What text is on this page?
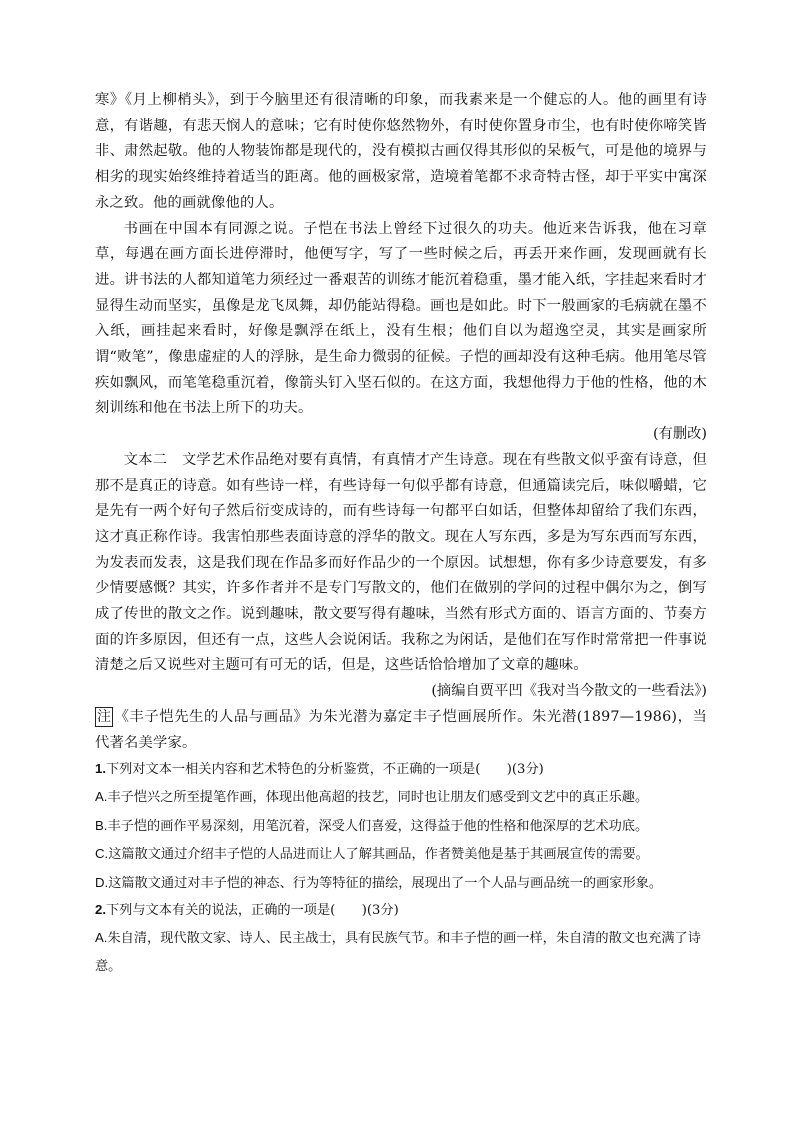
寒》《月上柳梢头》，到于今脑里还有很清晰的印象，而我素来是一个健忘的人。他的画里有诗意，有谐趣，有悲天悯人的意味；它有时使你悠然物外，有时使你置身市尘，也有时使你啼笑皆非、肃然起敬。他的人物装饰都是现代的，没有模拟古画仅得其形似的呆板气，可是他的境界与相劣的现实始终维持着适当的距离。他的画极家常，造境着笔都不求奇特古怪，却于平实中寓深永之致。他的画就像他的人。

书画在中国本有同源之说。子恺在书法上曾经下过很久的功夫。他近来告诉我，他在习章草，每遇在画方面长进停滞时，他便写字，写了一些时候之后，再丢开来作画，发现画就有长进。讲书法的人都知道笔力须经过一番艰苦的训练才能沉着稳重，墨才能入纸，字挂起来看时才显得生动而坚实，虽像是龙飞凤舞，却仍能站得稳。画也是如此。时下一般画家的毛病就在墨不入纸，画挂起来看时，好像是飘浮在纸上，没有生根；他们自以为超逸空灵，其实是画家所谓“败笔”，像患虚症的人的浮脉，是生命力微弱的征候。子恺的画却没有这种毛病。他用笔尽管疾如飘风，而笔笔稳重沉着，像箭头钉入坚石似的。在这方面，我想他得力于他的性格，他的木刻训练和他在书法上所下的功夫。

(有删改)

文本二　文学艺术作品绝对要有真情，有真情才产生诗意。现在有些散文似乎蛮有诗意，但那不是真正的诗意。如有些诗一样，有些诗每一句似乎都有诗意，但通篇读完后，味似嚼蜡，它是先有一两个好句子然后衍变成诗的，而有些诗每一句都平白如话，但整体却留给了我们东西，这才真正称作诗。我害怕那些表面诗意的浮华的散文。现在人写东西，多是为写东西而写东西，为发表而发表，这是我们现在作品多而好作品少的一个原因。试想想，你有多少诗意要发，有多少情要感慨？其实，许多作者并不是专门写散文的，他们在做别的学问的过程中偶尔为之，倒写成了传世的散文之作。说到趣味，散文要写得有趣味，当然有形式方面的、语言方面的、节奏方面的许多原因，但还有一点，这些人会说闲话。我称之为闲话，是他们在写作时常常把一件事说清楚之后又说些对主题可有可无的话，但是，这些话恰恰增加了文章的趣味。

(摘编自贾平凹《我对当今散文的一些看法》)

注 《丰子恺先生的人品与画品》为朱光潜为嘉定丰子恺画展所作。朱光潜(1897—1986)，当代著名美学家。

1.下列对文本一相关内容和艺术特色的分析鉴赏，不正确的一项是(　　)(3分)

A.丰子恺兴之所至提笔作画，体现出他高超的技艺，同时也让朋友们感受到文艺中的真正乐趣。

B.丰子恺的画作平易深刻，用笔沉着，深受人们喜爱，这得益于他的性格和他深厚的艺术功底。

C.这篇散文通过介绍丰子恺的人品进而让人了解其画品，作者赞美他是基于其画展宣传的需要。

D.这篇散文通过对丰子恺的神态、行为等特征的描绘，展现出了一个人品与画品统一的画家形象。

2.下列与文本有关的说法，正确的一项是(　　)(3分)

A.朱自清，现代散文家、诗人、民主战士，具有民族气节。和丰子恺的画一样，朱自清的散文也充满了诗意。
